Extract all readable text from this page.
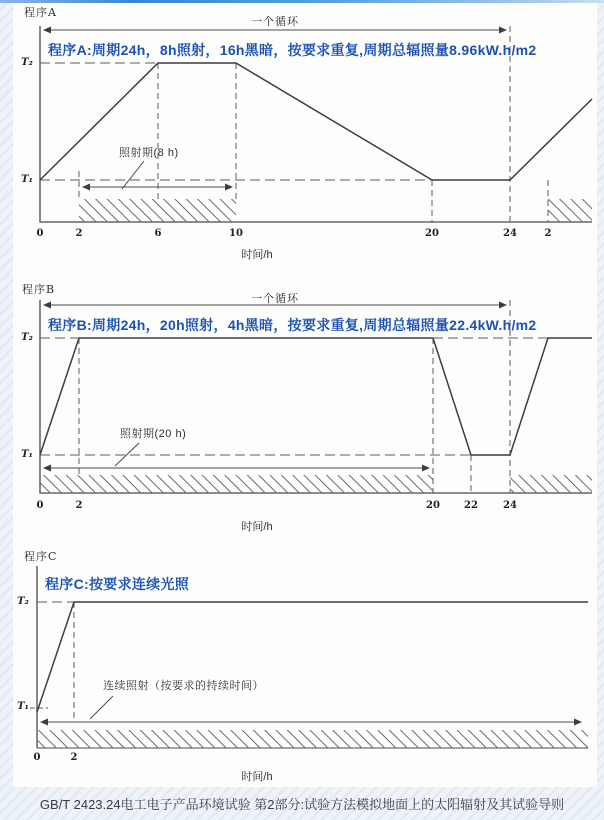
程序A
一个循环
程序A:周期24h，8h照射，16h黑暗，按要求重复,周期总辐照量8.96kW.h/m2
T₂
T₁
照射期(8 h)
0	2	6	10	20	24	2
时间/h
程序B
一个循环
程序B:周期24h，20h照射，4h黑暗，按要求重复,周期总辐照量22.4kW.h/m2
T₂
T₁
照射期(20 h)
0	2	20 22	24
时间/h
程序C
程序C:按要求连续光照
T₂
T₁
连续照射（按要求的持续时间）
0	2
时间/h
GB/T 2423.24电工电子产品环境试验 第2部分:试验方法模拟地面上的太阳辐射及其试验导则
